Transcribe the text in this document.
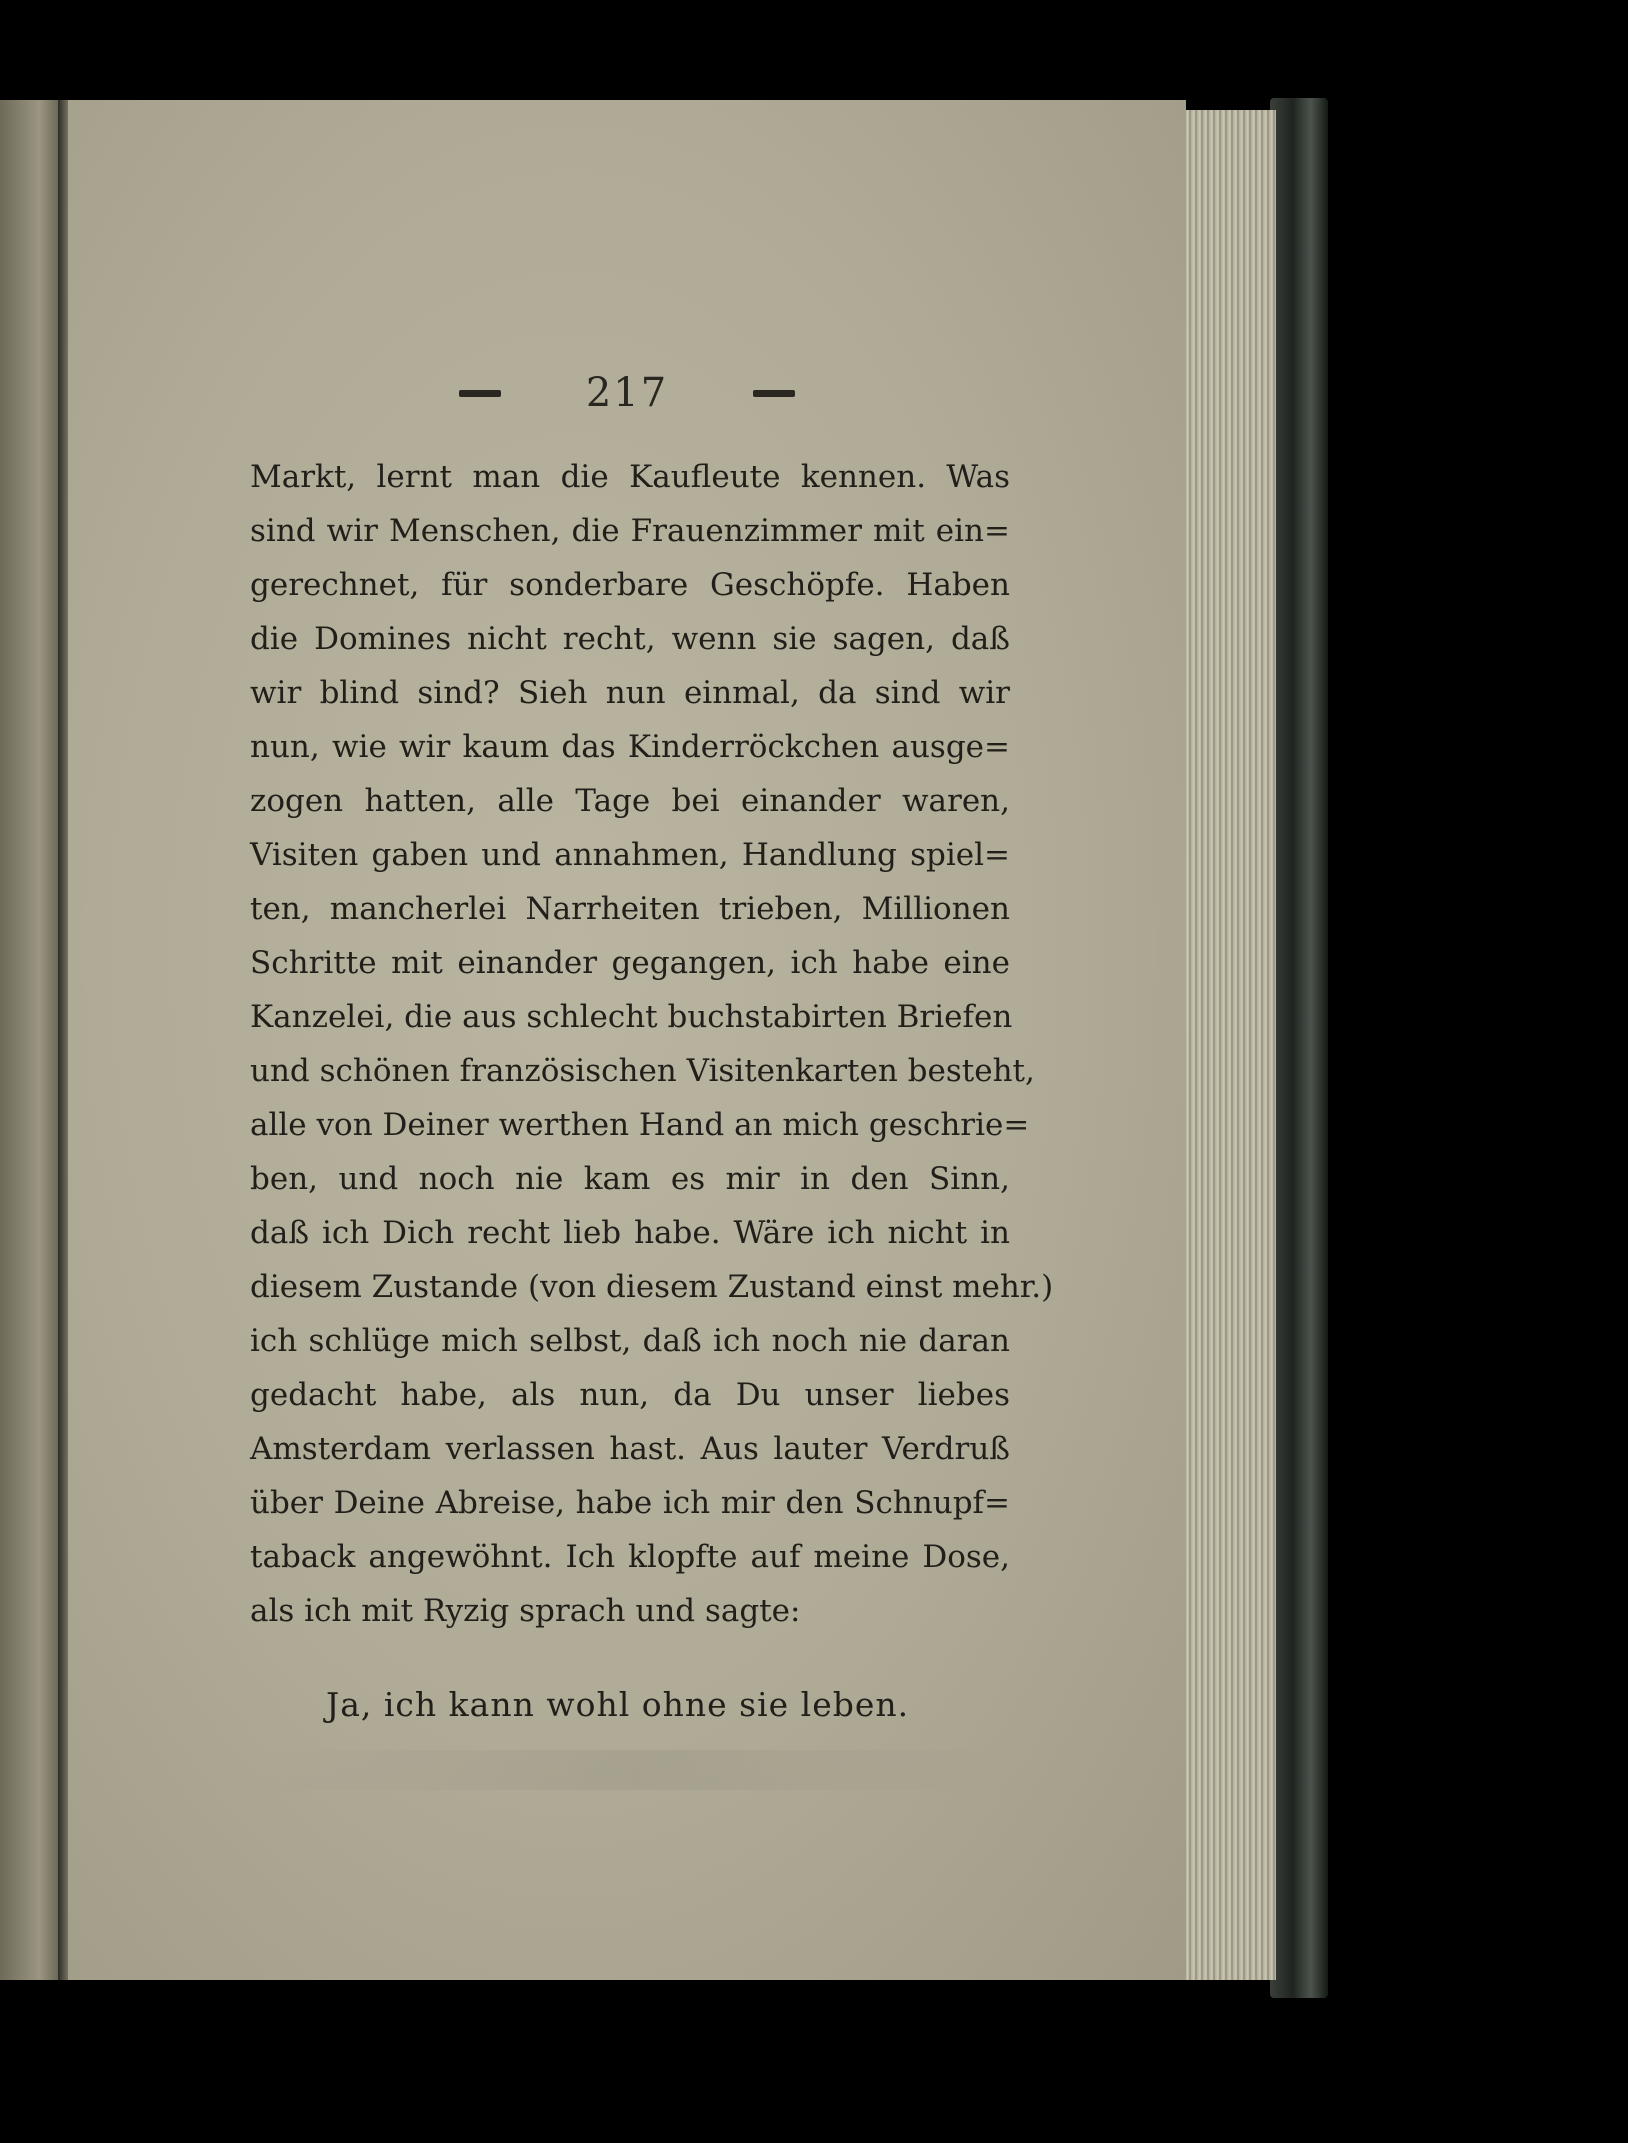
217
Markt, lernt man die Kaufleute kennen. Was
sind wir Menschen, die Frauenzimmer mit ein=
gerechnet, für sonderbare Geschöpfe. Haben
die Domines nicht recht, wenn sie sagen, daß
wir blind sind? Sieh nun einmal, da sind wir
nun, wie wir kaum das Kinderröckchen ausge=
zogen hatten, alle Tage bei einander waren,
Visiten gaben und annahmen, Handlung spiel=
ten, mancherlei Narrheiten trieben, Millionen
Schritte mit einander gegangen, ich habe eine
Kanzelei, die aus schlecht buchstabirten Briefen
und schönen französischen Visitenkarten besteht,
alle von Deiner werthen Hand an mich geschrie=
ben, und noch nie kam es mir in den Sinn,
daß ich Dich recht lieb habe. Wäre ich nicht in
diesem Zustande (von diesem Zustand einst mehr.)
ich schlüge mich selbst, daß ich noch nie daran
gedacht habe, als nun, da Du unser liebes
Amsterdam verlassen hast. Aus lauter Verdruß
über Deine Abreise, habe ich mir den Schnupf=
taback angewöhnt. Ich klopfte auf meine Dose,
als ich mit Ryzig sprach und sagte:
Ja, ich kann wohl ohne sie leben.
